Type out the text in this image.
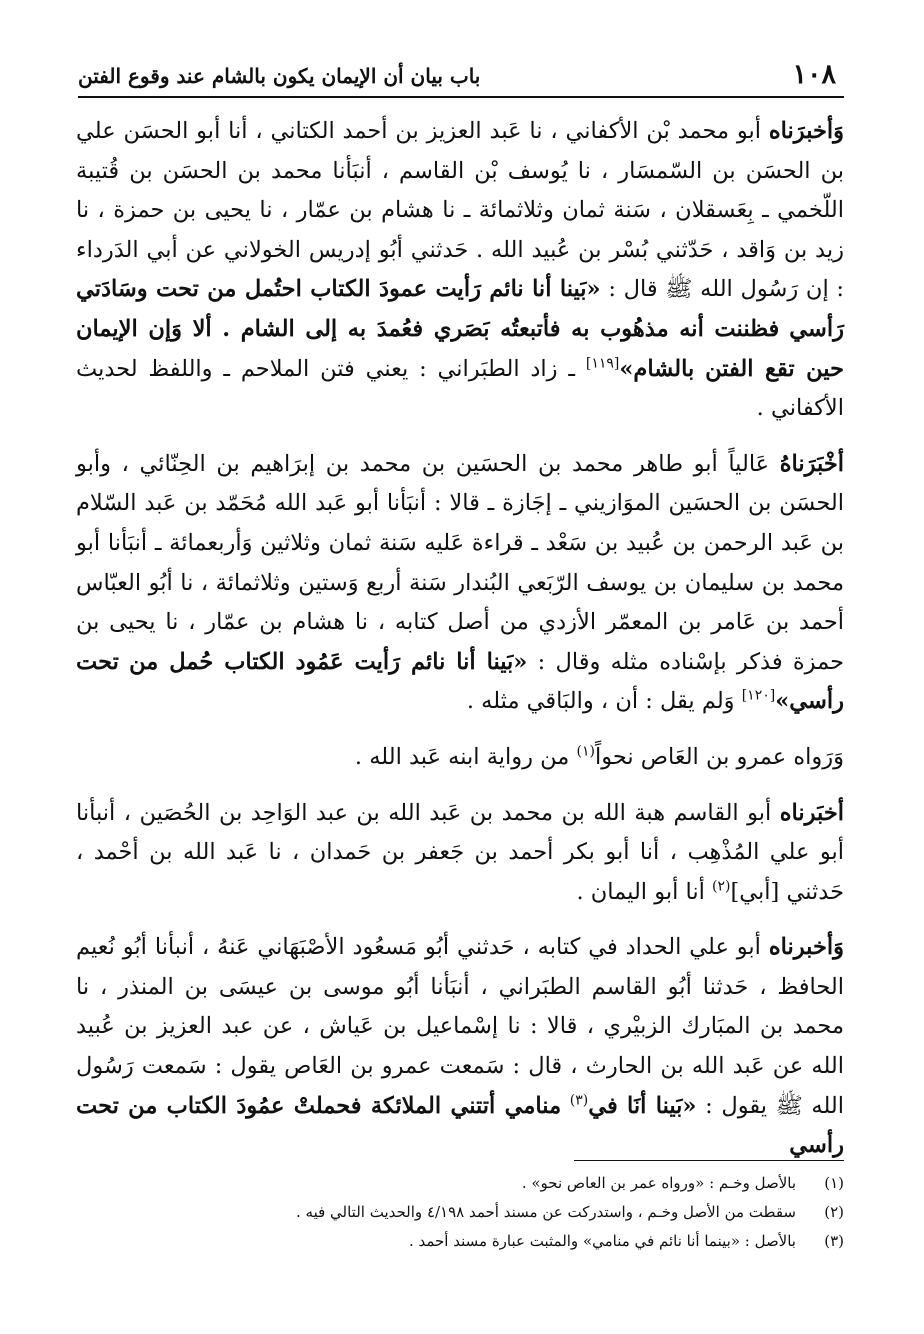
١٠٨
باب بيان أن الإيمان يكون بالشام عند وقوع الفتن

وَأخبرَناه أبو محمد بْن الأكفاني ، نا عَبد العزيز بن أحمد الكتاني ، أنا أبو الحسَن علي بن الحسَن بن السّمسَار ، نا يُوسف بْن القاسم ، أنبَأنا محمد بن الحسَن بن قُتيبة اللّخمي ـ بِعَسقلان ، سَنة ثمان وثلاثمائة ـ نا هشام بن عمّار ، نا يحيى بن حمزة ، نا زيد بن وَاقد ، حَدّثني بُسْر بن عُبيد الله . حَدثني أبُو إدريس الخولاني عن أبي الدَرداء : إن رَسُول الله ﷺ قال : «بَينا أنا نائم رَأيت عمودَ الكتاب احتُمل من تحت وسَادَتي رَأسي فظننت أنه مذهُوب به فأتبعتُه بَصَري فعُمدَ به إلى الشام . ألا وَإن الإيمان حين تقع الفتن بالشام»[١١٩] ـ زاد الطبَراني : يعني فتن الملاحم ـ واللفظ لحديث الأكفاني .

أخْبَرَناهُ عَالياً أبو طاهر محمد بن الحسَين بن محمد بن إبرَاهيم بن الحِنّائي ، وأبو الحسَن بن الحسَين الموَازيني ـ إجَازة ـ قالا : أنبَأنا أبو عَبد الله مُحَمّد بن عَبد السّلام بن عَبد الرحمن بن عُبيد بن سَعْد ـ قراءة عَليه سَنة ثمان وثلاثين وَأربعمائة ـ أنبَأنا أبو محمد بن سليمان بن يوسف الرّبَعي البُندار سَنة أربع وَستين وثلاثمائة ، نا أبُو العبّاس أحمد بن عَامر بن المعمّر الأزدي من أصل كتابه ، نا هشام بن عمّار ، نا يحيى بن حمزة فذكر بإسْناده مثله وقال : «بَينا أنا نائم رَأيت عَمُود الكتاب حُمل من تحت رأسي»[١٢٠] وَلم يقل : أن ، والبَاقي مثله .

وَرَواه عمرو بن العَاص نحواً$^{(١)}$ من رواية ابنه عَبد الله .

أخبَرناه أبو القاسم هبة الله بن محمد بن عَبد الله بن عبد الوَاحِد بن الحُصَين ، أنبأنا أبو علي المُذْهِب ، أنا أبو بكر أحمد بن جَعفر بن حَمدان ، نا عَبد الله بن أحْمد ، حَدثني [أبي]$^{(٢)}$ أنا أبو اليمان .

وَأخبرناه أبو علي الحداد في كتابه ، حَدثني أبُو مَسعُود الأصْبَهَاني عَنهُ ، أنبأنا أبُو نُعيم الحافظ ، حَدثنا أبُو القاسم الطبَراني ، أنبَأنا أبُو موسى بن عيسَى بن المنذر ، نا محمد بن المبَارك الزبيْري ، قالا : نا إسْماعيل بن عَياش ، عن عبد العزيز بن عُبيد الله عن عَبد الله بن الحارث ، قال : سَمعت عمرو بن العَاص يقول : سَمعت رَسُول الله ﷺ يقول : «بَينا أنَا في$^{(٣)}$ منامي أتتني الملائكة فحملتْ عمُودَ الكتاب من تحت رأسي

(١)
بالأصل وخـم : «ورواه عمر بن العاص نحو» .
(٢)
سقطت من الأصل وخـم ، واستدركت عن مسند أحمد ٤/١٩٨ والحديث التالي فيه .
(٣)
بالأصل : «بينما أنا نائم في منامي» والمثبت عبارة مسند أحمد .
